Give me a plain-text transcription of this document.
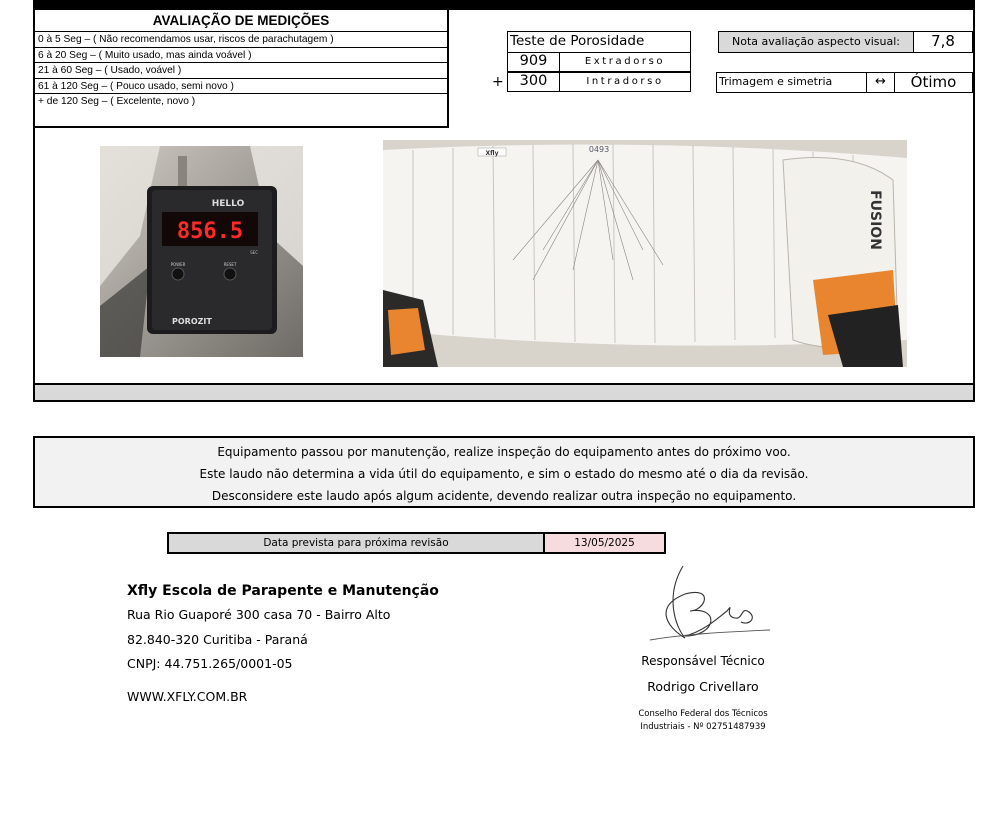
AVALIAÇÃO DE MEDIÇÕES
0 à 5 Seg – ( Não recomendamos usar, riscos de parachutagem )
6 à 20 Seg – ( Muito usado, mas ainda voável )
21 à 60 Seg – ( Usado, voável )
61 à 120 Seg – ( Pouco usado, semi novo )
+ de 120 Seg – ( Excelente, novo )
Teste de Porosidade
909	Extradorso
+	300	Intradorso
Nota avaliação aspecto visual:	7,8
Trimagem e simetria	↔	Ótimo
HELLO
856.5
SEC
POWER	RESET
POROZIT
Xfly	0493
FUSION
Equipamento passou por manutenção, realize inspeção do equipamento antes do próximo voo.
Este laudo não determina a vida útil do equipamento, e sim o estado do mesmo até o dia da revisão.
Desconsidere este laudo após algum acidente, devendo realizar outra inspeção no equipamento.
Data prevista para próxima revisão	13/05/2025
Xfly Escola de Parapente e Manutenção
Rua Rio Guaporé 300 casa 70 - Bairro Alto
82.840-320 Curitiba - Paraná
CNPJ: 44.751.265/0001-05
WWW.XFLY.COM.BR
Responsável Técnico
Rodrigo Crivellaro
Conselho Federal dos Técnicos
Industriais - Nº 02751487939
